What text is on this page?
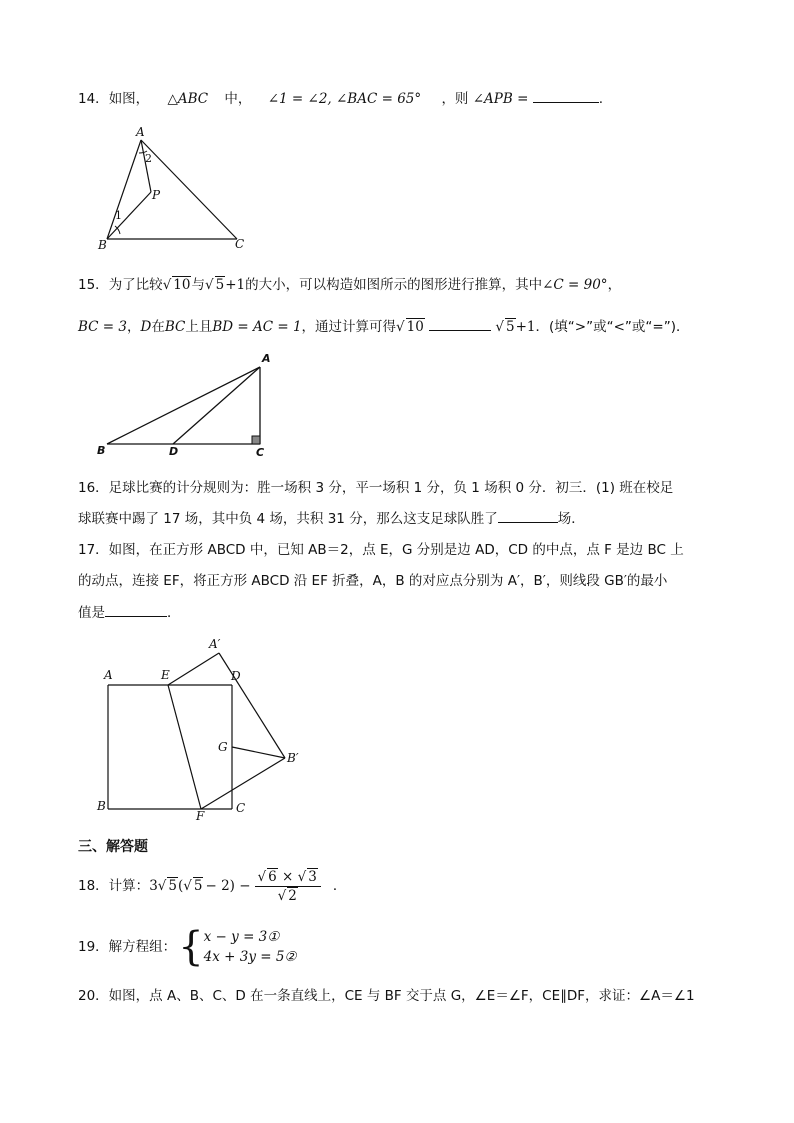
14．如图， △ABC 中， ∠1 = ∠2, ∠BAC = 65° ，则 ∠APB =	.
A
B	C
P
1
2
15．为了比较√ 10与√ 5+1的大小，可以构造如图所示的图形进行推算，其中∠C = 90°，
BC = 3，D在BC上且BD = AC = 1，通过计算可得√ 10	√ 5+1．(填“>”或“<”或“=”)．
A
B	D	C
16．足球比赛的计分规则为：胜一场积 3 分，平一场积 1 分，负 1 场积 0 分．初三．(1) 班在校足
球联赛中踢了 17 场，其中负 4 场，共积 31 分，那么这支足球队胜了	场．
17．如图，在正方形 ABCD 中，已知 AB＝2，点 E，G 分别是边 AD，CD 的中点，点 F 是边 BC 上
的动点，连接 EF，将正方形 ABCD 沿 EF 折叠，A，B 的对应点分别为 A′，B′，则线段 GB′的最小
值是	．
A	E	D
A′
G
B′
B
F
C
三、解答题
18．计算： 3 √ 5 ( √ $5 - 2) - \frac{√ 6 \times √ 3}{√ 2}$ ．
19．解方程组： { x − y = 3①
4x + 3y = 5②
20．如图，点 A、B、C、D 在一条直线上，CE 与 BF 交于点 G，∠E＝∠F，CE∥DF，求证：∠A＝∠1
